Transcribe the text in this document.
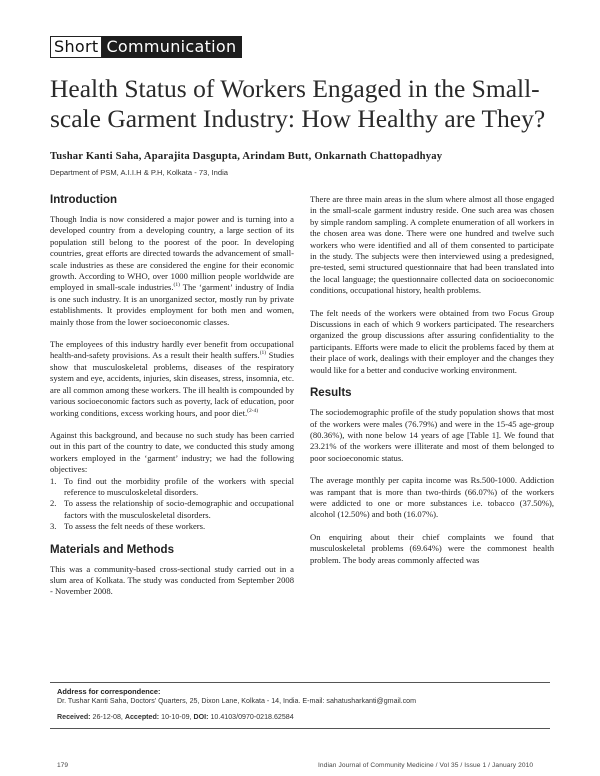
Short Communication
Health Status of Workers Engaged in the Small-scale Garment Industry: How Healthy are They?
Tushar Kanti Saha, Aparajita Dasgupta, Arindam Butt, Onkarnath Chattopadhyay
Department of PSM, A.I.I.H & P.H, Kolkata - 73, India
Introduction

Though India is now considered a major power and is turning into a developed country from a developing country, a large section of its population still belong to the poorest of the poor. In developing countries, great efforts are directed towards the advancement of small-scale industries as these are considered the engine for their economic growth. According to WHO, over 1000 million people worldwide are employed in small-scale industries.$^{(1)}$ The ‘garment’ industry of India is one such industry. It is an unorganized sector, mostly run by private establishments. It provides employment for both men and women, mainly those from the lower socioeconomic classes.

The employees of this industry hardly ever benefit from occupational health-and-safety provisions. As a result their health suffers.$^{(1)}$ Studies show that musculoskeletal problems, diseases of the respiratory system and eye, accidents, injuries, skin diseases, stress, insomnia, etc. are all common among these workers. The ill health is compounded by various socioeconomic factors such as poverty, lack of education, poor working conditions, excess working hours, and poor diet.$^{(2-4)}$

Against this background, and because no such study has been carried out in this part of the country to date, we conducted this study among workers employed in the ‘garment’ industry; we had the following objectives:

1. To find out the morbidity profile of the workers with special reference to musculoskeletal disorders.
2. To assess the relationship of socio-demographic and occupational factors with the musculoskeletal disorders.
3. To assess the felt needs of these workers.
Materials and Methods

This was a community-based cross-sectional study carried out in a slum area of Kolkata. The study was conducted from September 2008 - November 2008.

There are three main areas in the slum where almost all those engaged in the small-scale garment industry reside. One such area was chosen by simple random sampling. A complete enumeration of all workers in the chosen area was done. There were one hundred and twelve such workers who were identified and all of them consented to participate in the study. The subjects were then interviewed using a predesigned, pre-tested, semi structured questionnaire that had been translated into the local language; the questionnaire collected data on socioeconomic conditions, occupational history, health problems.

The felt needs of the workers were obtained from two Focus Group Discussions in each of which 9 workers participated. The researchers organized the group discussions after assuring confidentiality to the participants. Efforts were made to elicit the problems faced by them at their place of work, dealings with their employer and the changes they would like for a better and conducive working environment.

Results

The sociodemographic profile of the study population shows that most of the workers were males (76.79%) and were in the 15-45 age-group (80.36%), with none below 14 years of age [Table 1]. We found that 23.21% of the workers were illiterate and most of them belonged to poor socioeconomic status.

The average monthly per capita income was Rs.500-1000. Addiction was rampant that is more than two-thirds (66.07%) of the workers were addicted to one or more substances i.e. tobacco (37.50%), alcohol (12.50%) and both (16.07%).

On enquiring about their chief complaints we found that musculoskeletal problems (69.64%) were the commonest health problem. The body areas commonly affected was

Address for correspondence:
Dr. Tushar Kanti Saha, Doctors’ Quarters, 25, Dixon Lane, Kolkata - 14, India. E-mail: sahatusharkanti@gmail.com
Received: 26-12-08, Accepted: 10-10-09, DOI: 10.4103/0970-0218.62584
179	Indian Journal of Community Medicine / Vol 35 / Issue 1 / January 2010
